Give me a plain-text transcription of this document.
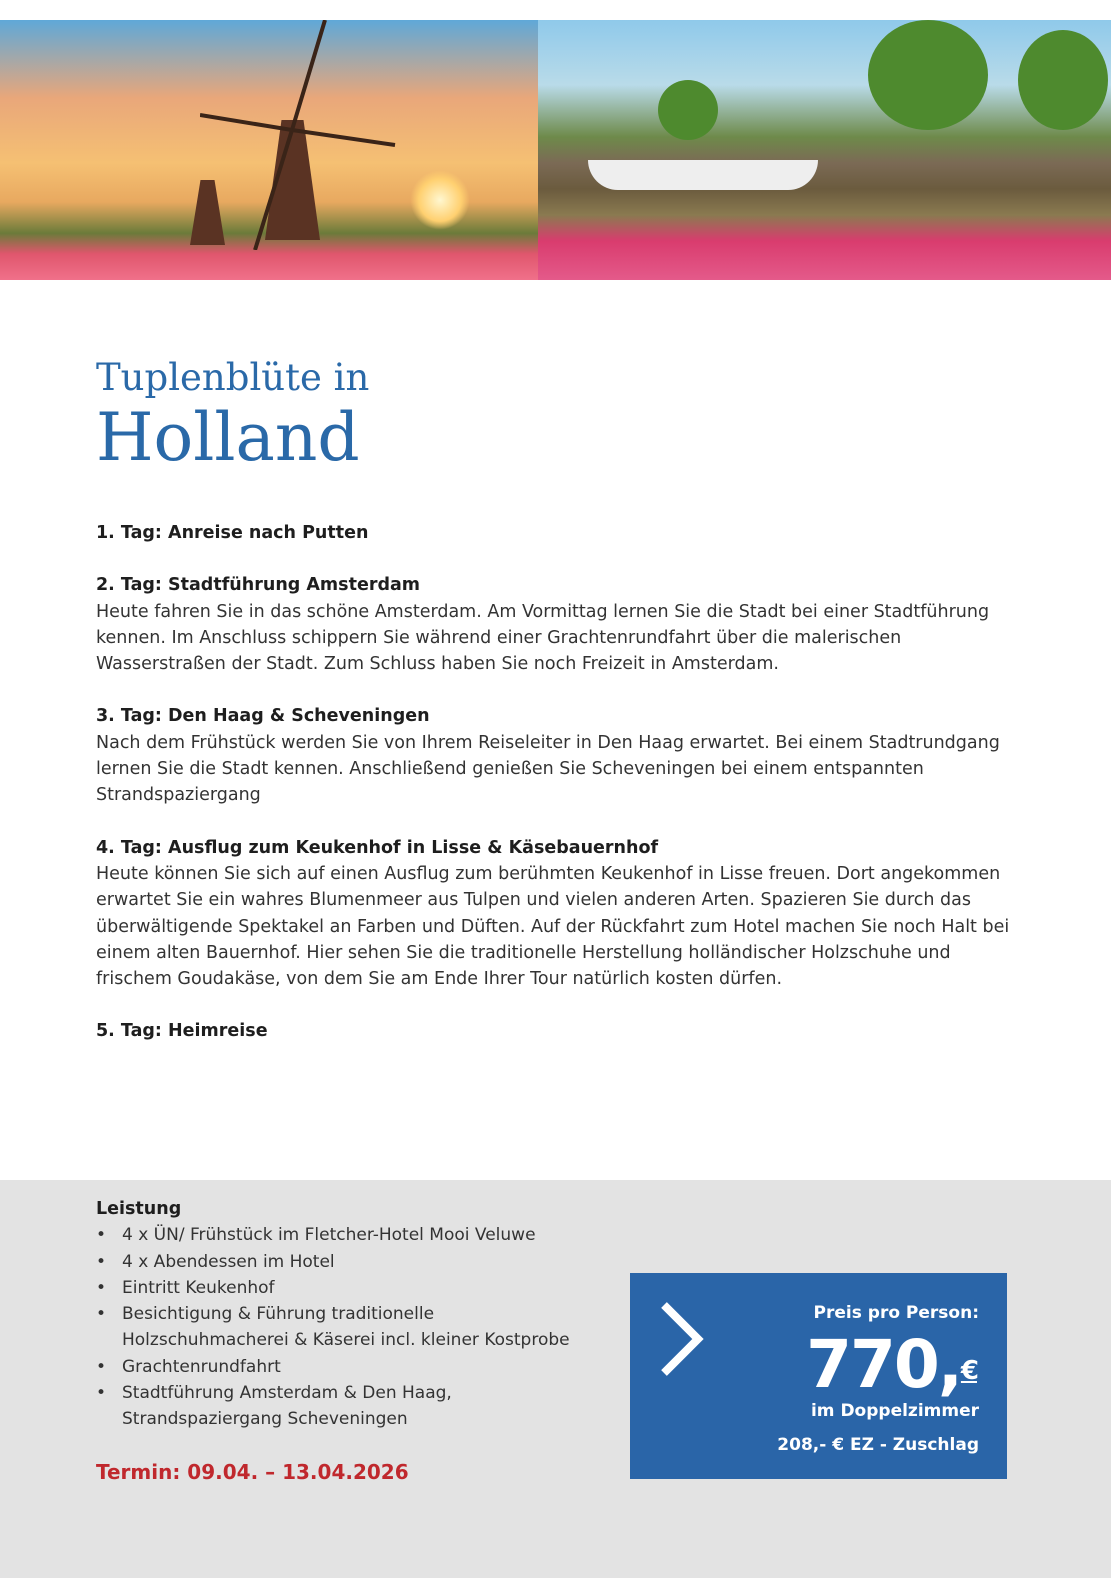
Tuplenblüte in
Holland
1. Tag: Anreise nach Putten
2. Tag: Stadtführung Amsterdam

Heute fahren Sie in das schöne Amsterdam. Am Vormittag lernen Sie die Stadt bei einer Stadtführung kennen. Im Anschluss schippern Sie während einer Grachtenrundfahrt über die malerischen Wasserstraßen der Stadt. Zum Schluss haben Sie noch Freizeit in Amsterdam.

3. Tag: Den Haag & Scheveningen

Nach dem Frühstück werden Sie von Ihrem Reiseleiter in Den Haag erwartet. Bei einem Stadtrundgang lernen Sie die Stadt kennen. Anschließend genießen Sie Scheveningen bei einem entspannten Strandspaziergang

4. Tag: Ausflug zum Keukenhof in Lisse & Käsebauernhof

Heute können Sie sich auf einen Ausflug zum berühmten Keukenhof in Lisse freuen. Dort angekommen erwartet Sie ein wahres Blumenmeer aus Tulpen und vielen anderen Arten. Spazieren Sie durch das überwältigende Spektakel an Farben und Düften. Auf der Rückfahrt zum Hotel machen Sie noch Halt bei einem alten Bauernhof. Hier sehen Sie die traditionelle Herstellung holländischer Holzschuhe und frischem Goudakäse, von dem Sie am Ende Ihrer Tour natürlich kosten dürfen.

5. Tag: Heimreise
Leistung
• 4 x ÜN/ Frühstück im Fletcher-Hotel Mooi Veluwe
• 4 x Abendessen im Hotel
• Eintritt Keukenhof
• Besichtigung & Führung traditionelle Holzschuhmacherei & Käserei incl. kleiner Kostprobe
• Grachtenrundfahrt
• Stadtführung Amsterdam & Den Haag, Strandspaziergang Scheveningen
Termin: 09.04. – 13.04.2026
Preis pro Person:
770,€
im Doppelzimmer
208,- € EZ - Zuschlag
